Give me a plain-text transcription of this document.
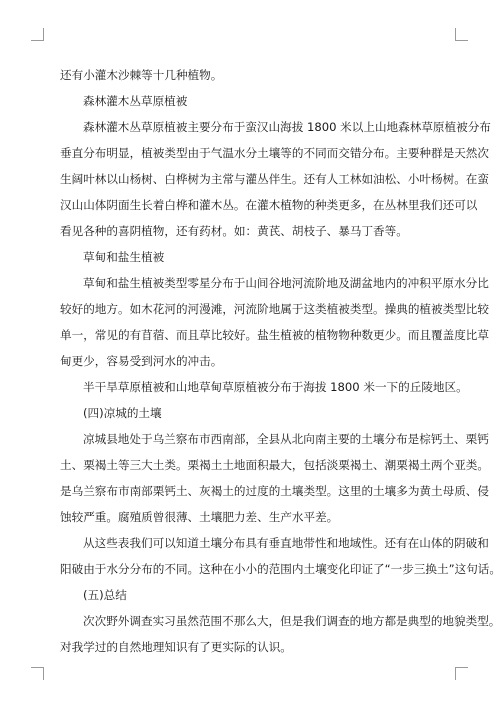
还有小灌木沙棘等十几种植物。
森林灌木丛草原植被
森林灌木丛草原植被主要分布于蛮汉山海拔 1800 米以上山地森林草原植被分布
垂直分布明显，植被类型由于气温水分土壤等的不同而交错分布。主要种群是天然次
生阔叶林以山杨树、白桦树为主常与灌丛伴生。还有人工林如油松、小叶杨树。在蛮
汉山山体阴面生长着白桦和灌木丛。在灌木植物的种类更多，在丛林里我们还可以
看见各种的喜阴植物，还有药材。如：黄芪、胡枝子、暴马丁香等。
草甸和盐生植被
草甸和盐生植被类型零星分布于山间谷地河流阶地及湖盆地内的冲积平原水分比
较好的地方。如木花河的河漫滩，河流阶地属于这类植被类型。操典的植被类型比较
单一，常见的有苜蓿、而且草比较好。盐生植被的植物物种数更少。而且覆盖度比草
甸更少，容易受到河水的冲击。
半干旱草原植被和山地草甸草原植被分布于海拔 1800 米一下的丘陵地区。
(四)凉城的土壤
凉城县地处于乌兰察布市西南部，全县从北向南主要的土壤分布是棕钙土、栗钙
土、栗褐土等三大土类。栗褐土土地面积最大，包括淡栗褐土、潮栗褐土两个亚类。
是乌兰察布市南部栗钙土、灰褐土的过度的土壤类型。这里的土壤多为黄土母质、侵
蚀较严重。腐殖质曾很薄、土壤肥力差、生产水平差。
从这些表我们可以知道土壤分布具有垂直地带性和地域性。还有在山体的阴破和
阳破由于水分分布的不同。这种在小小的范围内土壤变化印证了“一步三换土”这句话。
(五)总结
次次野外调查实习虽然范围不那么大，但是我们调查的地方都是典型的地貌类型。
对我学过的自然地理知识有了更实际的认识。
